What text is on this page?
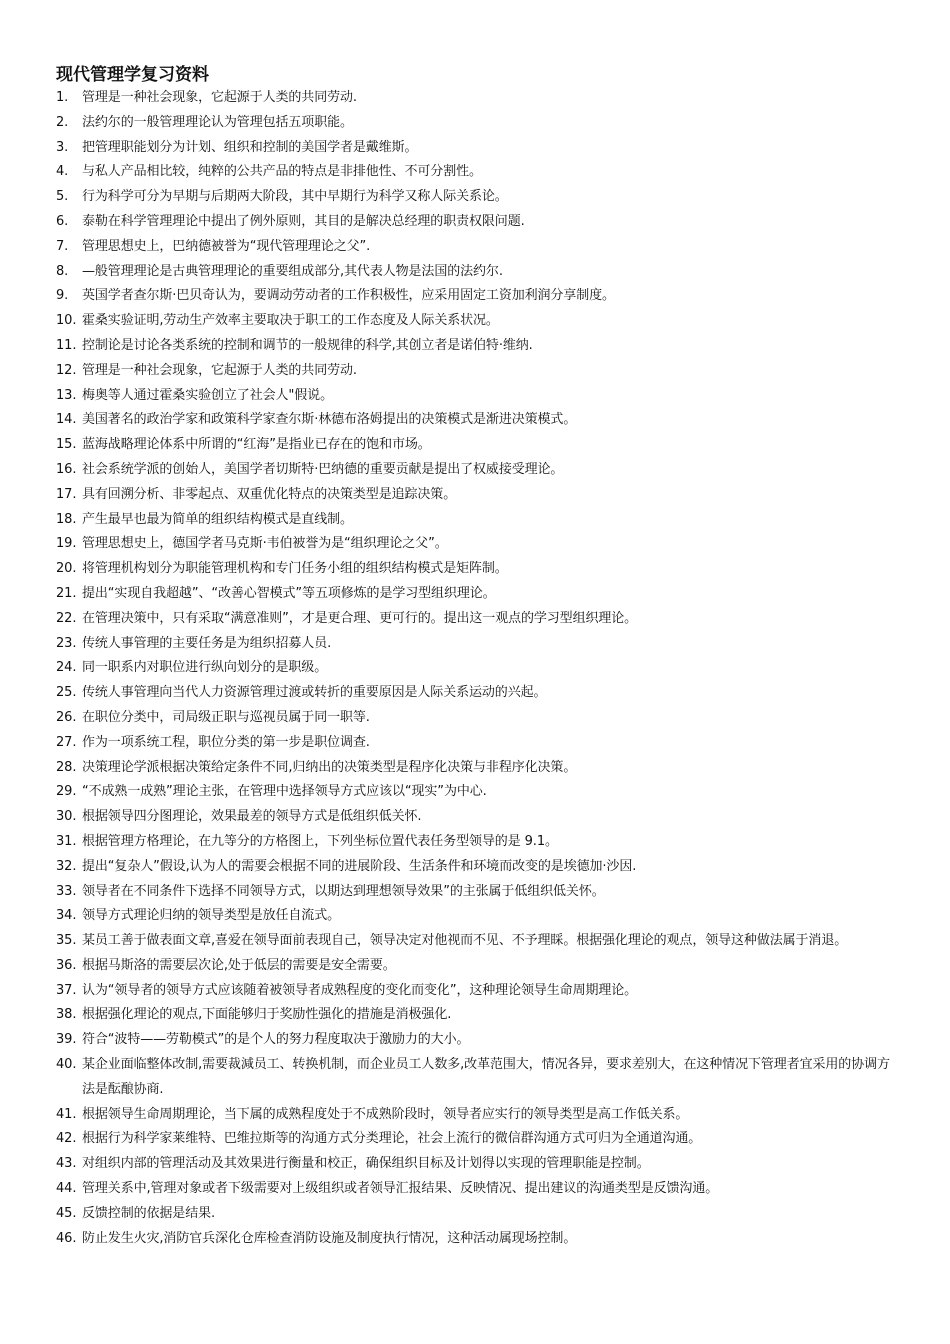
现代管理学复习资料
1.	管理是一种社会现象，它起源于人类的共同劳动.
2.	法约尔的一般管理理论认为管理包括五项职能。
3.	把管理职能划分为计划、组织和控制的美国学者是戴维斯。
4.	与私人产品相比较，纯粹的公共产品的特点是非排他性、不可分割性。
5.	行为科学可分为早期与后期两大阶段，其中早期行为科学又称人际关系论。
6.	泰勒在科学管理理论中提出了例外原则，其目的是解决总经理的职责权限问题.
7.	管理思想史上，巴纳德被誉为“现代管理理论之父”.
8.	—般管理理论是古典管理理论的重要组成部分,其代表人物是法国的法约尔.
9.	英国学者查尔斯·巴贝奇认为，要调动劳动者的工作积极性，应采用固定工资加利润分享制度。
10. 霍桑实验证明,劳动生产效率主要取决于职工的工作态度及人际关系状况。
11. 控制论是讨论各类系统的控制和调节的一般规律的科学,其创立者是诺伯特·维纳.
12. 管理是一种社会现象，它起源于人类的共同劳动.
13. 梅奥等人通过霍桑实验创立了社会人"假说。
14. 美国著名的政治学家和政策科学家查尔斯·林德布洛姆提出的决策模式是渐进决策模式。
15. 蓝海战略理论体系中所谓的“红海”是指业已存在的饱和市场。
16. 社会系统学派的创始人，美国学者切斯特·巴纳德的重要贡献是提出了权威接受理论。
17. 具有回溯分析、非零起点、双重优化特点的决策类型是追踪决策。
18. 产生最早也最为简单的组织结构模式是直线制。
19. 管理思想史上，德国学者马克斯·韦伯被誉为是“组织理论之父”。
20. 将管理机构划分为职能管理机构和专门任务小组的组织结构模式是矩阵制。
21. 提出“实现自我超越”、“改善心智模式”等五项修炼的是学习型组织理论。
22. 在管理决策中，只有采取“满意准则”，才是更合理、更可行的。提出这一观点的学习型组织理论。
23. 传统人事管理的主要任务是为组织招募人员.
24. 同一职系内对职位进行纵向划分的是职级。
25. 传统人事管理向当代人力资源管理过渡或转折的重要原因是人际关系运动的兴起。
26. 在职位分类中，司局级正职与巡视员属于同一职等.
27. 作为一项系统工程，职位分类的第一步是职位调查.
28. 决策理论学派根据决策给定条件不同,归纳出的决策类型是程序化决策与非程序化决策。
29. “不成熟一成熟”理论主张，在管理中选择领导方式应该以“现实”为中心.
30. 根据领导四分图理论，效果最差的领导方式是低组织低关怀.
31. 根据管理方格理论，在九等分的方格图上，下列坐标位置代表任务型领导的是 9.1。
32. 提出“复杂人”假设,认为人的需要会根据不同的进展阶段、生活条件和环境而改变的是埃德加·沙因.
33. 领导者在不同条件下选择不同领导方式，以期达到理想领导效果”的主张属于低组织低关怀。
34. 领导方式理论归纳的领导类型是放任自流式。
35. 某员工善于做表面文章,喜爱在领导面前表现自己，领导决定对他视而不见、不予理睬。根据强化理论的观点，领导这种做法属于消退。
36. 根据马斯洛的需要层次论,处于低层的需要是安全需要。
37. 认为“领导者的领导方式应该随着被领导者成熟程度的变化而变化”，这种理论领导生命周期理论。
38. 根据强化理论的观点,下面能够归于奖励性强化的措施是消极强化.
39. 符合“波特——劳勒模式”的是个人的努力程度取决于激励力的大小。
40. 某企业面临整体改制,需要裁減员工、转换机制，而企业员工人数多,改革范围大，情况各异，要求差别大，在这种情况下管理者宜采用的协调方法是酝酿协商.
41. 根据领导生命周期理论，当下属的成熟程度处于不成熟阶段时，领导者应实行的领导类型是高工作低关系。
42. 根据行为科学家莱维特、巴维拉斯等的沟通方式分类理论，社会上流行的微信群沟通方式可归为全通道沟通。
43. 对组织内部的管理活动及其效果进行衡量和校正，确保组织目标及计划得以实现的管理职能是控制。
44. 管理关系中,管理对象或者下级需要对上级组织或者领导汇报结果、反映情况、提出建议的沟通类型是反馈沟通。
45. 反馈控制的依据是结果.
46. 防止发生火灾,消防官兵深化仓库检查消防设施及制度执行情况，这种活动属现场控制。
